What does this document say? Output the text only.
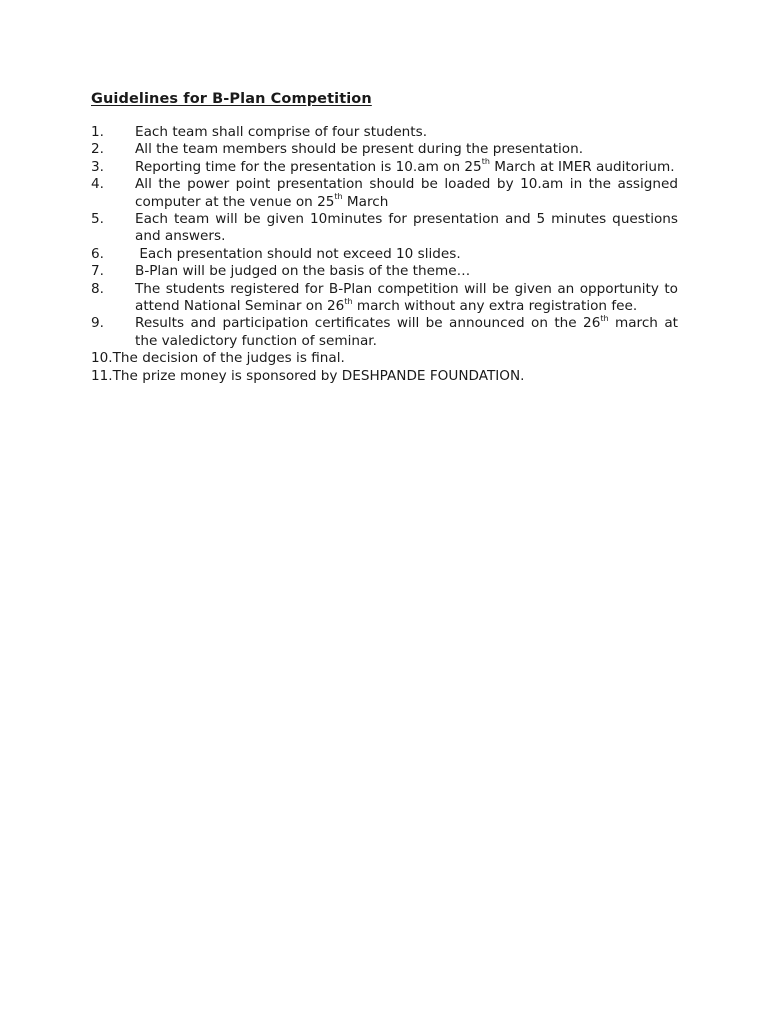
Guidelines for B-Plan Competition
1.	Each team shall comprise of four students.
2.	All the team members should be present during the presentation.
3.	Reporting time for the presentation is 10.am on 25th March at IMER auditorium.
4.	All the power point presentation should be loaded by 10.am in the assigned computer at the venue on 25th March
5.	Each team will be given 10minutes for presentation and 5 minutes questions and answers.
6.	Each presentation should not exceed 10 slides.
7.	B-Plan will be judged on the basis of the theme…
8.	The students registered for B-Plan competition will be given an opportunity to attend National Seminar on 26th march without any extra registration fee.
9.	Results and participation certificates will be announced on the 26th march at the valedictory function of seminar.
10.The decision of the judges is final.
11.The prize money is sponsored by DESHPANDE FOUNDATION.
